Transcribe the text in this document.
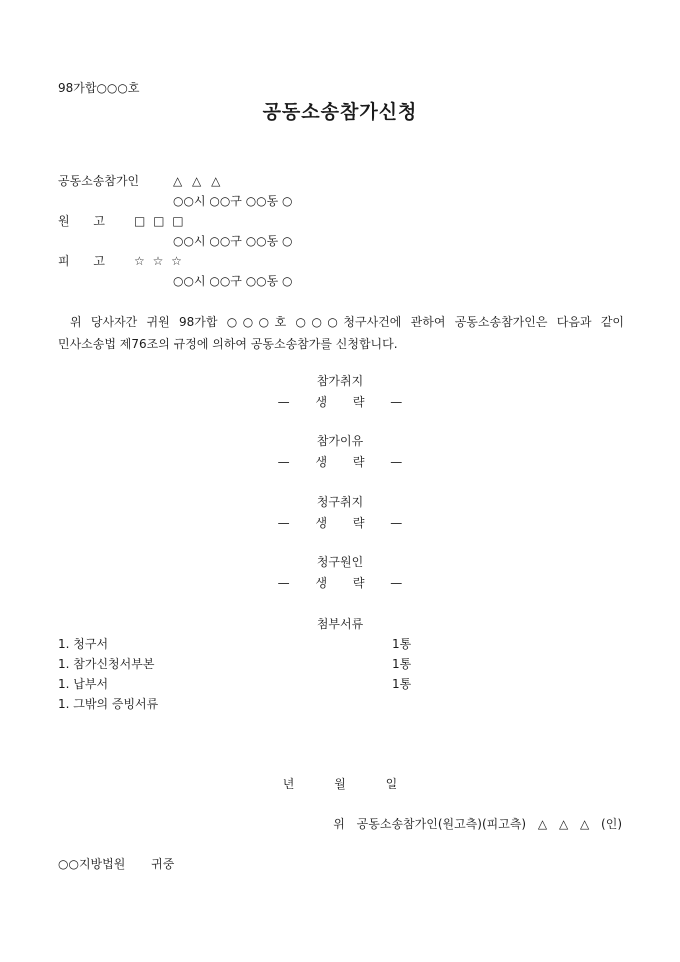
98가합○○○호
공동소송참가신청
공동소송참가인	△ △ △
○○시 ○○구 ○○동 ○
원 고 □ □ □
○○시 ○○구 ○○동 ○
피 고 ☆ ☆ ☆
○○시 ○○구 ○○동 ○
위 당사자간 귀원 98가합 ○○○호 ○○○청구사건에 관하여 공동소송참가인은 다음과 같이
민사소송법 제76조의 규정에 의하여 공동소송참가를 신청합니다.
참가취지
— 생 략 —
참가이유
— 생 략 —
청구취지
— 생 략 —
청구원인
— 생 략 —
첨부서류
1. 청구서	1통
1. 참가신청서부본	1통
1. 납부서	1통
1. 그밖의 증빙서류
년 월 일
위 공동소송참가인(원고측)(피고측) △ △ △ (인)
○○지방법원 귀중
